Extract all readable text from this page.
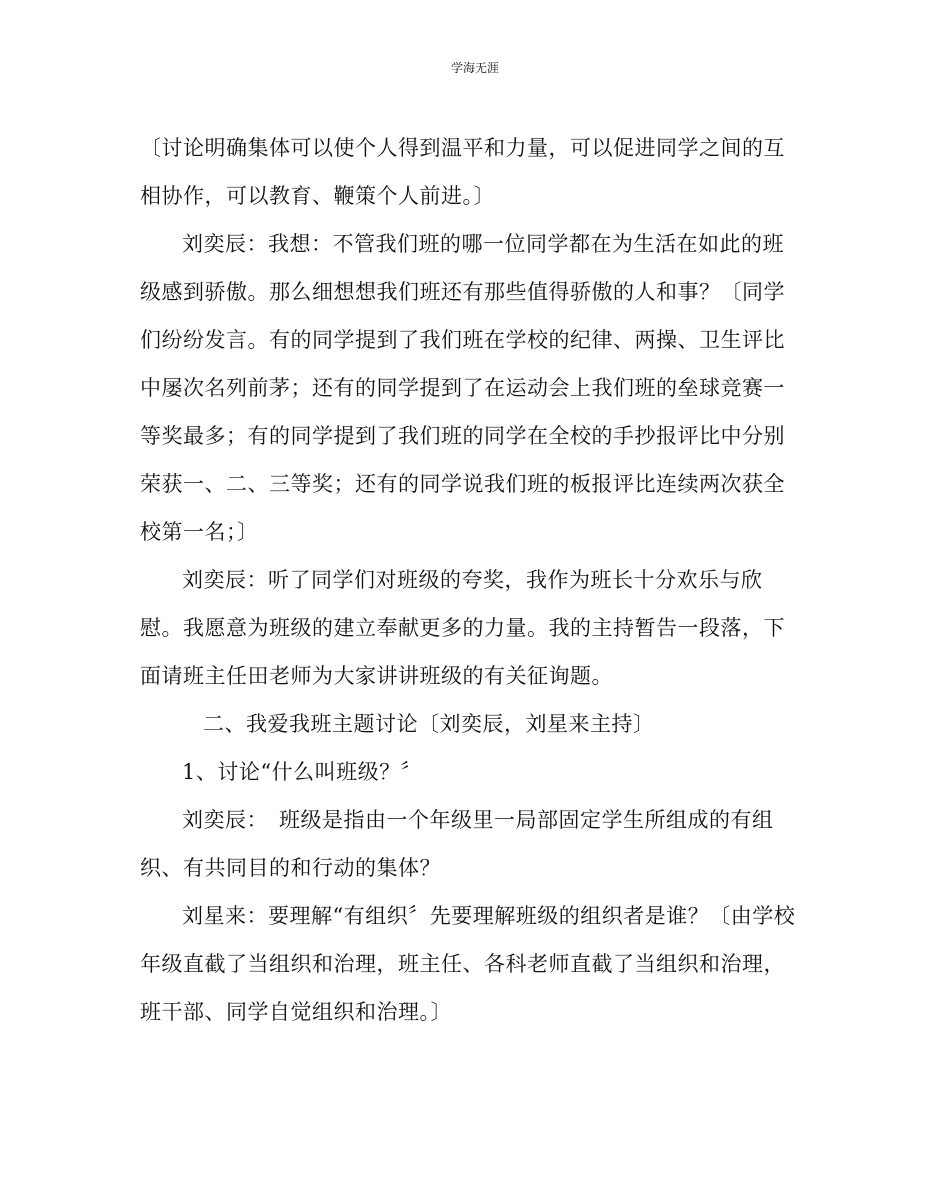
学海无涯

〔讨论明确集体可以使个人得到温平和力量，可以促进同学之间的互相协作，可以教育、鞭策个人前进。〕

刘奕辰：我想：不管我们班的哪一位同学都在为生活在如此的班级感到骄傲。那么细想想我们班还有那些值得骄傲的人和事？〔同学们纷纷发言。有的同学提到了我们班在学校的纪律、两操、卫生评比中屡次名列前茅；还有的同学提到了在运动会上我们班的垒球竞赛一等奖最多；有的同学提到了我们班的同学在全校的手抄报评比中分别荣获一、二、三等奖；还有的同学说我们班的板报评比连续两次获全校第一名；〕

刘奕辰：听了同学们对班级的夸奖，我作为班长十分欢乐与欣慰。我愿意为班级的建立奉献更多的力量。我的主持暂告一段落，下面请班主任田老师为大家讲讲班级的有关征询题。

二、我爱我班主题讨论〔刘奕辰，刘星来主持〕

1、讨论“什么叫班级？〞

刘奕辰：　班级是指由一个年级里一局部固定学生所组成的有组织、有共同目的和行动的集体？

刘星来：要理解“有组织〞先要理解班级的组织者是谁？〔由学校年级直截了当组织和治理，班主任、各科老师直截了当组织和治理，班干部、同学自觉组织和治理。〕
